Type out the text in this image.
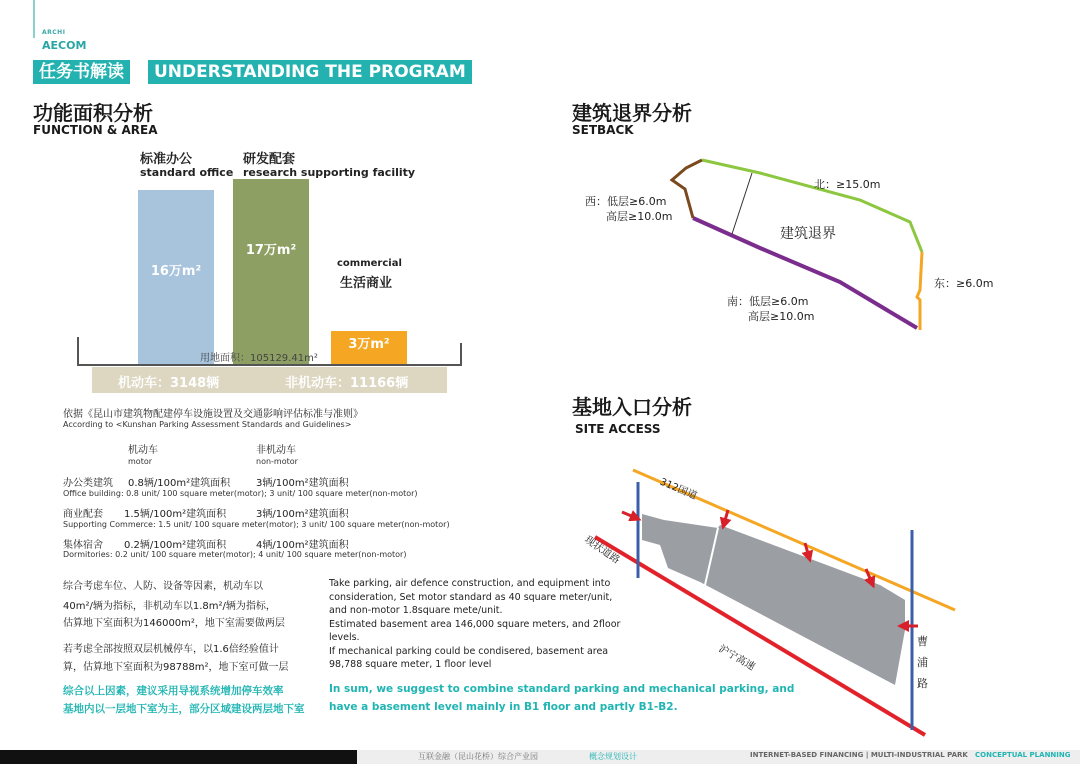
ARCHI
AECOM
任务书解读	UNDERSTANDING THE PROGRAM
功能面积分析
FUNCTION & AREA
标准办公
standard office
研发配套
research supporting facility
commercial
生活商业
16万m²
17万m²
3万m²
用地面积：105129.41m²
机动车：3148辆	非机动车：11166辆
依据《昆山市建筑物配建停车设施设置及交通影响评估标准与准则》
According to <Kunshan Parking Assessment Standards and Guidelines>
机动车
motor
非机动车
non-motor
办公类建筑 0.8辆/100m²建筑面积	3辆/100m²建筑面积
Office building: 0.8 unit/ 100 square meter(motor); 3 unit/ 100 square meter(non-motor)
商业配套 1.5辆/100m²建筑面积	3辆/100m²建筑面积
Supporting Commerce: 1.5 unit/ 100 square meter(motor); 3 unit/ 100 square meter(non-motor)
集体宿舍 0.2辆/100m²建筑面积	4辆/100m²建筑面积
Dormitories: 0.2 unit/ 100 square meter(motor); 4 unit/ 100 square meter(non-motor)
综合考虑车位、人防、设备等因素，机动车以
40m²/辆为指标，非机动车以1.8m²/辆为指标，
估算地下室面积为146000m²，地下室需要做两层
若考虑全部按照双层机械停车，以1.6倍经验值计
算，估算地下室面积为98788m²，地下室可做一层
Take parking, air defence construction, and equipment into
consideration, Set motor standard as 40 square meter/unit,
and non-motor 1.8square mete/unit.
Estimated basement area 146,000 square meters, and 2floor
levels.
If mechanical parking could be condisered, basement area
98,788 square meter, 1 floor level
综合以上因素，建议采用导视系统增加停车效率
基地内以一层地下室为主，部分区域建设两层地下室
In sum, we suggest to combine standard parking and mechanical parking, and
have a basement level mainly in B1 floor and partly B1-B2.
建筑退界分析
SETBACK
基地入口分析
SITE ACCESS
建筑退界
北：≥15.0m
东：≥6.0m
西：低层≥6.0m
高层≥10.0m
南：低层≥6.0m
高层≥10.0m
312国道
现状道路
沪宁高速
曹
浦
路
互联金融（昆山花桥）综合产业园	概念规划设计	INTERNET-BASED FINANCING | MULTI-INDUSTRIAL PARK CONCEPTUAL PLANNING
